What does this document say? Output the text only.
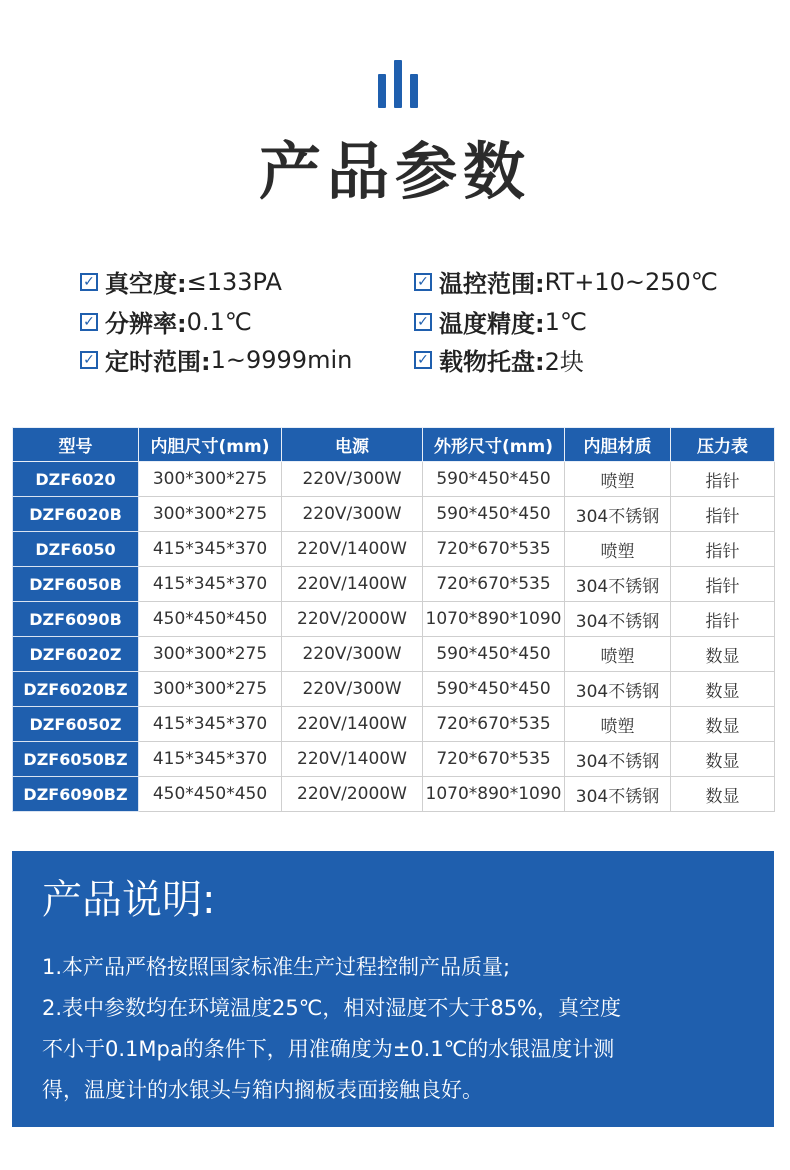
产品参数
✓ 真空度: ≤133PA	✓ 温控范围: RT+10~250℃
✓ 分辨率: 0.1℃	✓ 温度精度: 1℃
✓ 定时范围: 1~9999min	✓ 载物托盘: 2块
型号	内胆尺寸(mm)	电源	外形尺寸(mm)	内胆材质	压力表
DZF6020	300*300*275	220V/300W	590*450*450	喷塑	指针
DZF6020B	300*300*275	220V/300W	590*450*450	304不锈钢	指针
DZF6050	415*345*370	220V/1400W	720*670*535	喷塑	指针
DZF6050B	415*345*370	220V/1400W	720*670*535	304不锈钢	指针
DZF6090B	450*450*450	220V/2000W	1070*890*1090	304不锈钢	指针
DZF6020Z	300*300*275	220V/300W	590*450*450	喷塑	数显
DZF6020BZ	300*300*275	220V/300W	590*450*450	304不锈钢	数显
DZF6050Z	415*345*370	220V/1400W	720*670*535	喷塑	数显
DZF6050BZ	415*345*370	220V/1400W	720*670*535	304不锈钢	数显
DZF6090BZ	450*450*450	220V/2000W	1070*890*1090	304不锈钢	数显
产品说明:

1.本产品严格按照国家标准生产过程控制产品质量;

2.表中参数均在环境温度25℃，相对湿度不大于85%，真空度

不小于0.1Mpa的条件下，用准确度为±0.1℃的水银温度计测

得，温度计的水银头与箱内搁板表面接触良好。
